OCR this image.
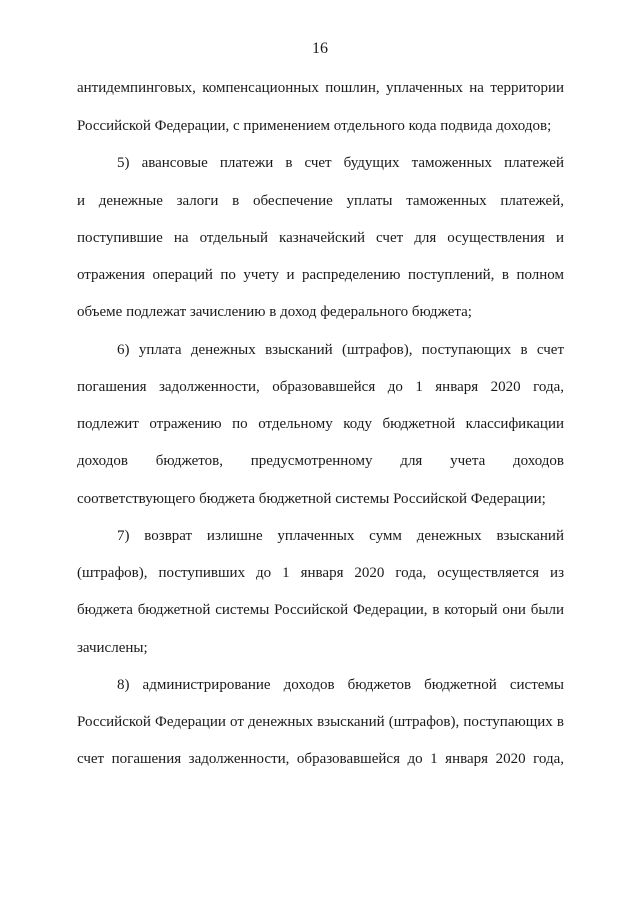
16
антидемпинговых, компенсационных пошлин, уплаченных на территории
Российской Федерации, с применением отдельного кода подвида доходов;
5) авансовые платежи в счет будущих таможенных платежей
и денежные залоги в обеспечение уплаты таможенных платежей,
поступившие на отдельный казначейский счет для осуществления и
отражения операций по учету и распределению поступлений, в полном
объеме подлежат зачислению в доход федерального бюджета;
6) уплата денежных взысканий (штрафов), поступающих в счет
погашения задолженности, образовавшейся до 1 января 2020 года,
подлежит отражению по отдельному коду бюджетной классификации
доходов бюджетов, предусмотренному для учета доходов
соответствующего бюджета бюджетной системы Российской Федерации;
7) возврат излишне уплаченных сумм денежных взысканий
(штрафов), поступивших до 1 января 2020 года, осуществляется из
бюджета бюджетной системы Российской Федерации, в который они были
зачислены;
8) администрирование доходов бюджетов бюджетной системы
Российской Федерации от денежных взысканий (штрафов), поступающих в
счет погашения задолженности, образовавшейся до 1 января 2020 года,
